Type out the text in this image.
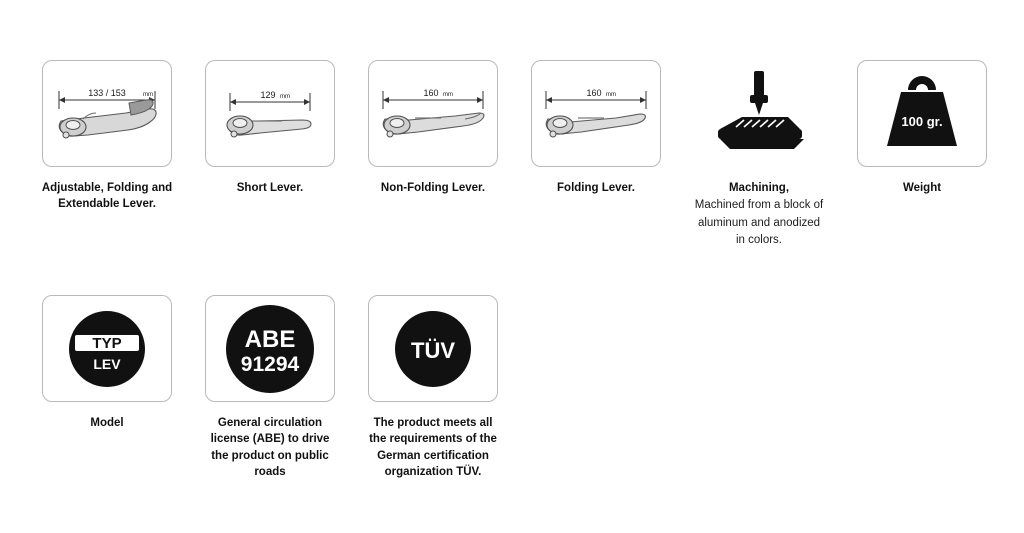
133 / 153	mm
Adjustable, Folding and Extendable Lever.
129 mm
Short Lever.
160 mm
Non-Folding Lever.
160 mm
Folding Lever.	Machining,
Machined from a block of aluminum and anodized in colors.
100 gr.
Weight
TYP
LEV
Model
ABE
91294
General circulation license (ABE) to drive the product on public roads
TÜV
The product meets all the requirements of the German certification organization TÜV.
